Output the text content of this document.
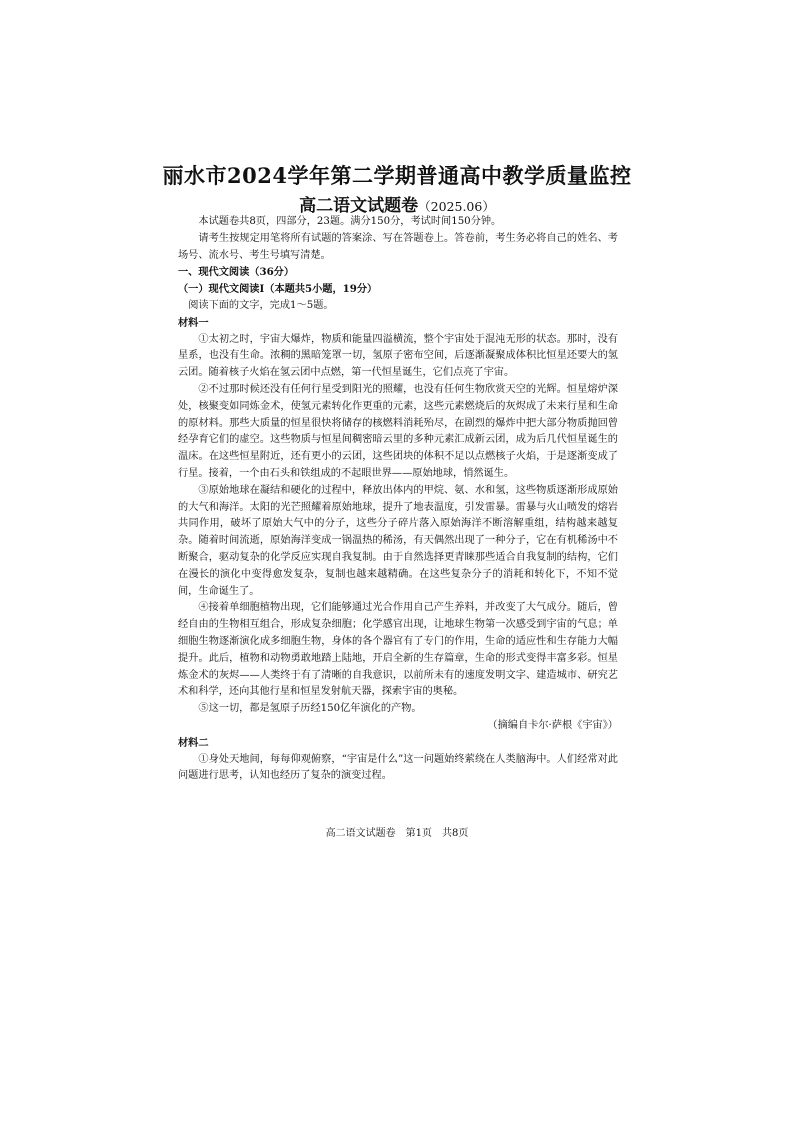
丽水市2024学年第二学期普通高中教学质量监控
高二语文试题卷（2025.06）

本试题卷共8页，四部分，23题。满分150分，考试时间150分钟。

请考生按规定用笔将所有试题的答案涂、写在答题卷上。答卷前，考生务必将自己的姓名、考场号、流水号、考生号填写清楚。

一、现代文阅读（36分）

（一）现代文阅读Ⅰ（本题共5小题，19分）

阅读下面的文字，完成1～5题。

材料一

①太初之时，宇宙大爆炸，物质和能量四溢横流，整个宇宙处于混沌无形的状态。那时，没有星系，也没有生命。浓稠的黑暗笼罩一切，氢原子密布空间，后逐渐凝聚成体积比恒星还要大的氢云团。随着核子火焰在氢云团中点燃，第一代恒星诞生，它们点亮了宇宙。

②不过那时候还没有任何行星受到阳光的照耀，也没有任何生物欣赏天空的光辉。恒星熔炉深处，核聚变如同炼金术，使氢元素转化作更重的元素，这些元素燃烧后的灰烬成了未来行星和生命的原材料。那些大质量的恒星很快将储存的核燃料消耗殆尽，在剧烈的爆炸中把大部分物质抛回曾经孕育它们的虚空。这些物质与恒星间稠密暗云里的多种元素汇成新云团，成为后几代恒星诞生的温床。在这些恒星附近，还有更小的云团，这些团块的体积不足以点燃核子火焰，于是逐渐变成了行星。接着，一个由石头和铁组成的不起眼世界——原始地球，悄然诞生。

③原始地球在凝结和硬化的过程中，释放出体内的甲烷、氨、水和氢，这些物质逐渐形成原始的大气和海洋。太阳的光芒照耀着原始地球，提升了地表温度，引发雷暴。雷暴与火山喷发的熔岩共同作用，破坏了原始大气中的分子，这些分子碎片落入原始海洋不断溶解重组，结构越来越复杂。随着时间流逝，原始海洋变成一锅温热的稀汤，有天偶然出现了一种分子，它在有机稀汤中不断聚合，驱动复杂的化学反应实现自我复制。由于自然选择更青睐那些适合自我复制的结构，它们在漫长的演化中变得愈发复杂，复制也越来越精确。在这些复杂分子的消耗和转化下，不知不觉间，生命诞生了。

④接着单细胞植物出现，它们能够通过光合作用自己产生养料，并改变了大气成分。随后，曾经自由的生物相互组合，形成复杂细胞；化学感官出现，让地球生物第一次感受到宇宙的气息；单细胞生物逐渐演化成多细胞生物，身体的各个器官有了专门的作用，生命的适应性和生存能力大幅提升。此后，植物和动物勇敢地踏上陆地，开启全新的生存篇章，生命的形式变得丰富多彩。恒星炼金术的灰烬——人类终于有了清晰的自我意识，以前所未有的速度发明文字、建造城市、研究艺术和科学，还向其他行星和恒星发射航天器，探索宇宙的奥秘。

⑤这一切，都是氢原子历经150亿年演化的产物。

（摘编自卡尔·萨根《宇宙》）

材料二

①身处天地间，每每仰观俯察，“宇宙是什么”这一问题始终萦绕在人类脑海中。人们经常对此问题进行思考，认知也经历了复杂的演变过程。

高二语文试题卷　第1页　共8页
